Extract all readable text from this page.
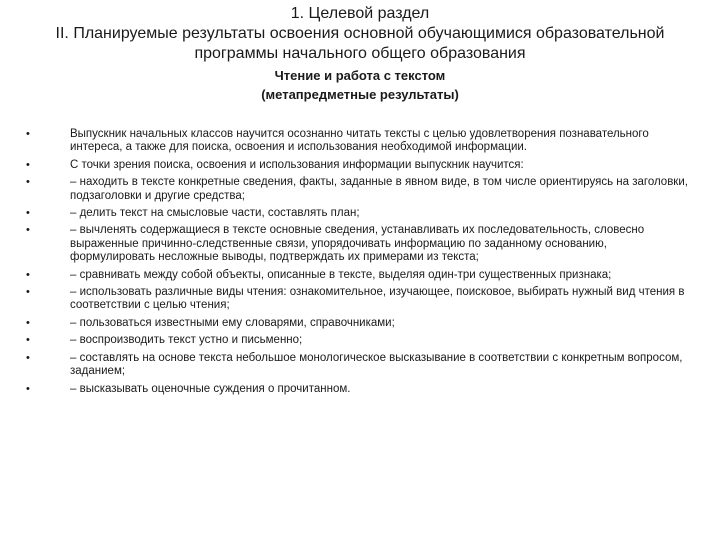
1. Целевой раздел
II. Планируемые результаты освоения основной обучающимися образовательной
программы начального общего образования
Чтение и работа с текстом
(метапредметные результаты)
•	Выпускник начальных классов научится осознанно читать тексты с целью удовлетворения познавательного интереса, а также для поиска, освоения и использования необходимой информации.
•	С точки зрения поиска, освоения и использования информации выпускник научится:
•	– находить в тексте конкретные сведения, факты, заданные в явном виде, в том числе ориентируясь на заголовки, подзаголовки и другие средства;
•	– делить текст на смысловые части, составлять план;
•	– вычленять содержащиеся в тексте основные сведения, устанавливать их последовательность, словесно выраженные причинно-следственные связи, упорядочивать информацию по заданному основанию, формулировать несложные выводы, подтверждать их примерами из текста;
•	– сравнивать между собой объекты, описанные в тексте, выделяя один-три существенных признака;
•	– использовать различные виды чтения: ознакомительное, изучающее, поисковое, выбирать нужный вид чтения в соответствии с целью чтения;
•	– пользоваться известными ему словарями, справочниками;
•	– воспроизводить текст устно и письменно;
•	– составлять на основе текста небольшое монологическое высказывание в соответствии с конкретным вопросом, заданием;
•	– высказывать оценочные суждения о прочитанном.
